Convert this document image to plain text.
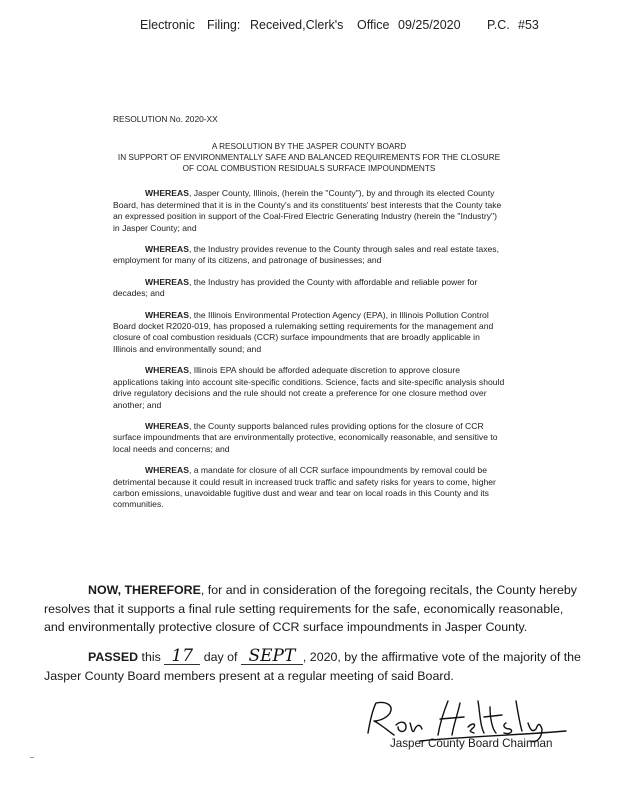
Electronic Filing: Received,Clerk's Office 09/25/2020 P.C. #53
RESOLUTION No. 2020-XX
A RESOLUTION BY THE JASPER COUNTY BOARD
IN SUPPORT OF ENVIRONMENTALLY SAFE AND BALANCED REQUIREMENTS FOR THE CLOSURE
OF COAL COMBUSTION RESIDUALS SURFACE IMPOUNDMENTS

WHEREAS, Jasper County, Illinois, (herein the "County"), by and through its elected County Board, has determined that it is in the County's and its constituents' best interests that the County take an expressed position in support of the Coal-Fired Electric Generating Industry (herein the "Industry") in Jasper County; and

WHEREAS, the Industry provides revenue to the County through sales and real estate taxes, employment for many of its citizens, and patronage of businesses; and

WHEREAS, the Industry has provided the County with affordable and reliable power for decades; and

WHEREAS, the Illinois Environmental Protection Agency (EPA), in Illinois Pollution Control Board docket R2020-019, has proposed a rulemaking setting requirements for the management and closure of coal combustion residuals (CCR) surface impoundments that are broadly applicable in Illinois and environmentally sound; and

WHEREAS, Illinois EPA should be afforded adequate discretion to approve closure applications taking into account site-specific conditions. Science, facts and site-specific analysis should drive regulatory decisions and the rule should not create a preference for one closure method over another; and

WHEREAS, the County supports balanced rules providing options for the closure of CCR surface impoundments that are environmentally protective, economically reasonable, and sensitive to local needs and concerns; and

WHEREAS, a mandate for closure of all CCR surface impoundments by removal could be detrimental because it could result in increased truck traffic and safety risks for years to come, higher carbon emissions, unavoidable fugitive dust and wear and tear on local roads in this County and its communities.

NOW, THEREFORE, for and in consideration of the foregoing recitals, the County hereby resolves that it supports a final rule setting requirements for the safe, economically reasonable, and environmentally protective closure of CCR surface impoundments in Jasper County.

PASSED this 17 day of SEPT , 2020, by the affirmative vote of the majority of the Jasper County Board members present at a regular meeting of said Board.
Jasper County Board Chairman
